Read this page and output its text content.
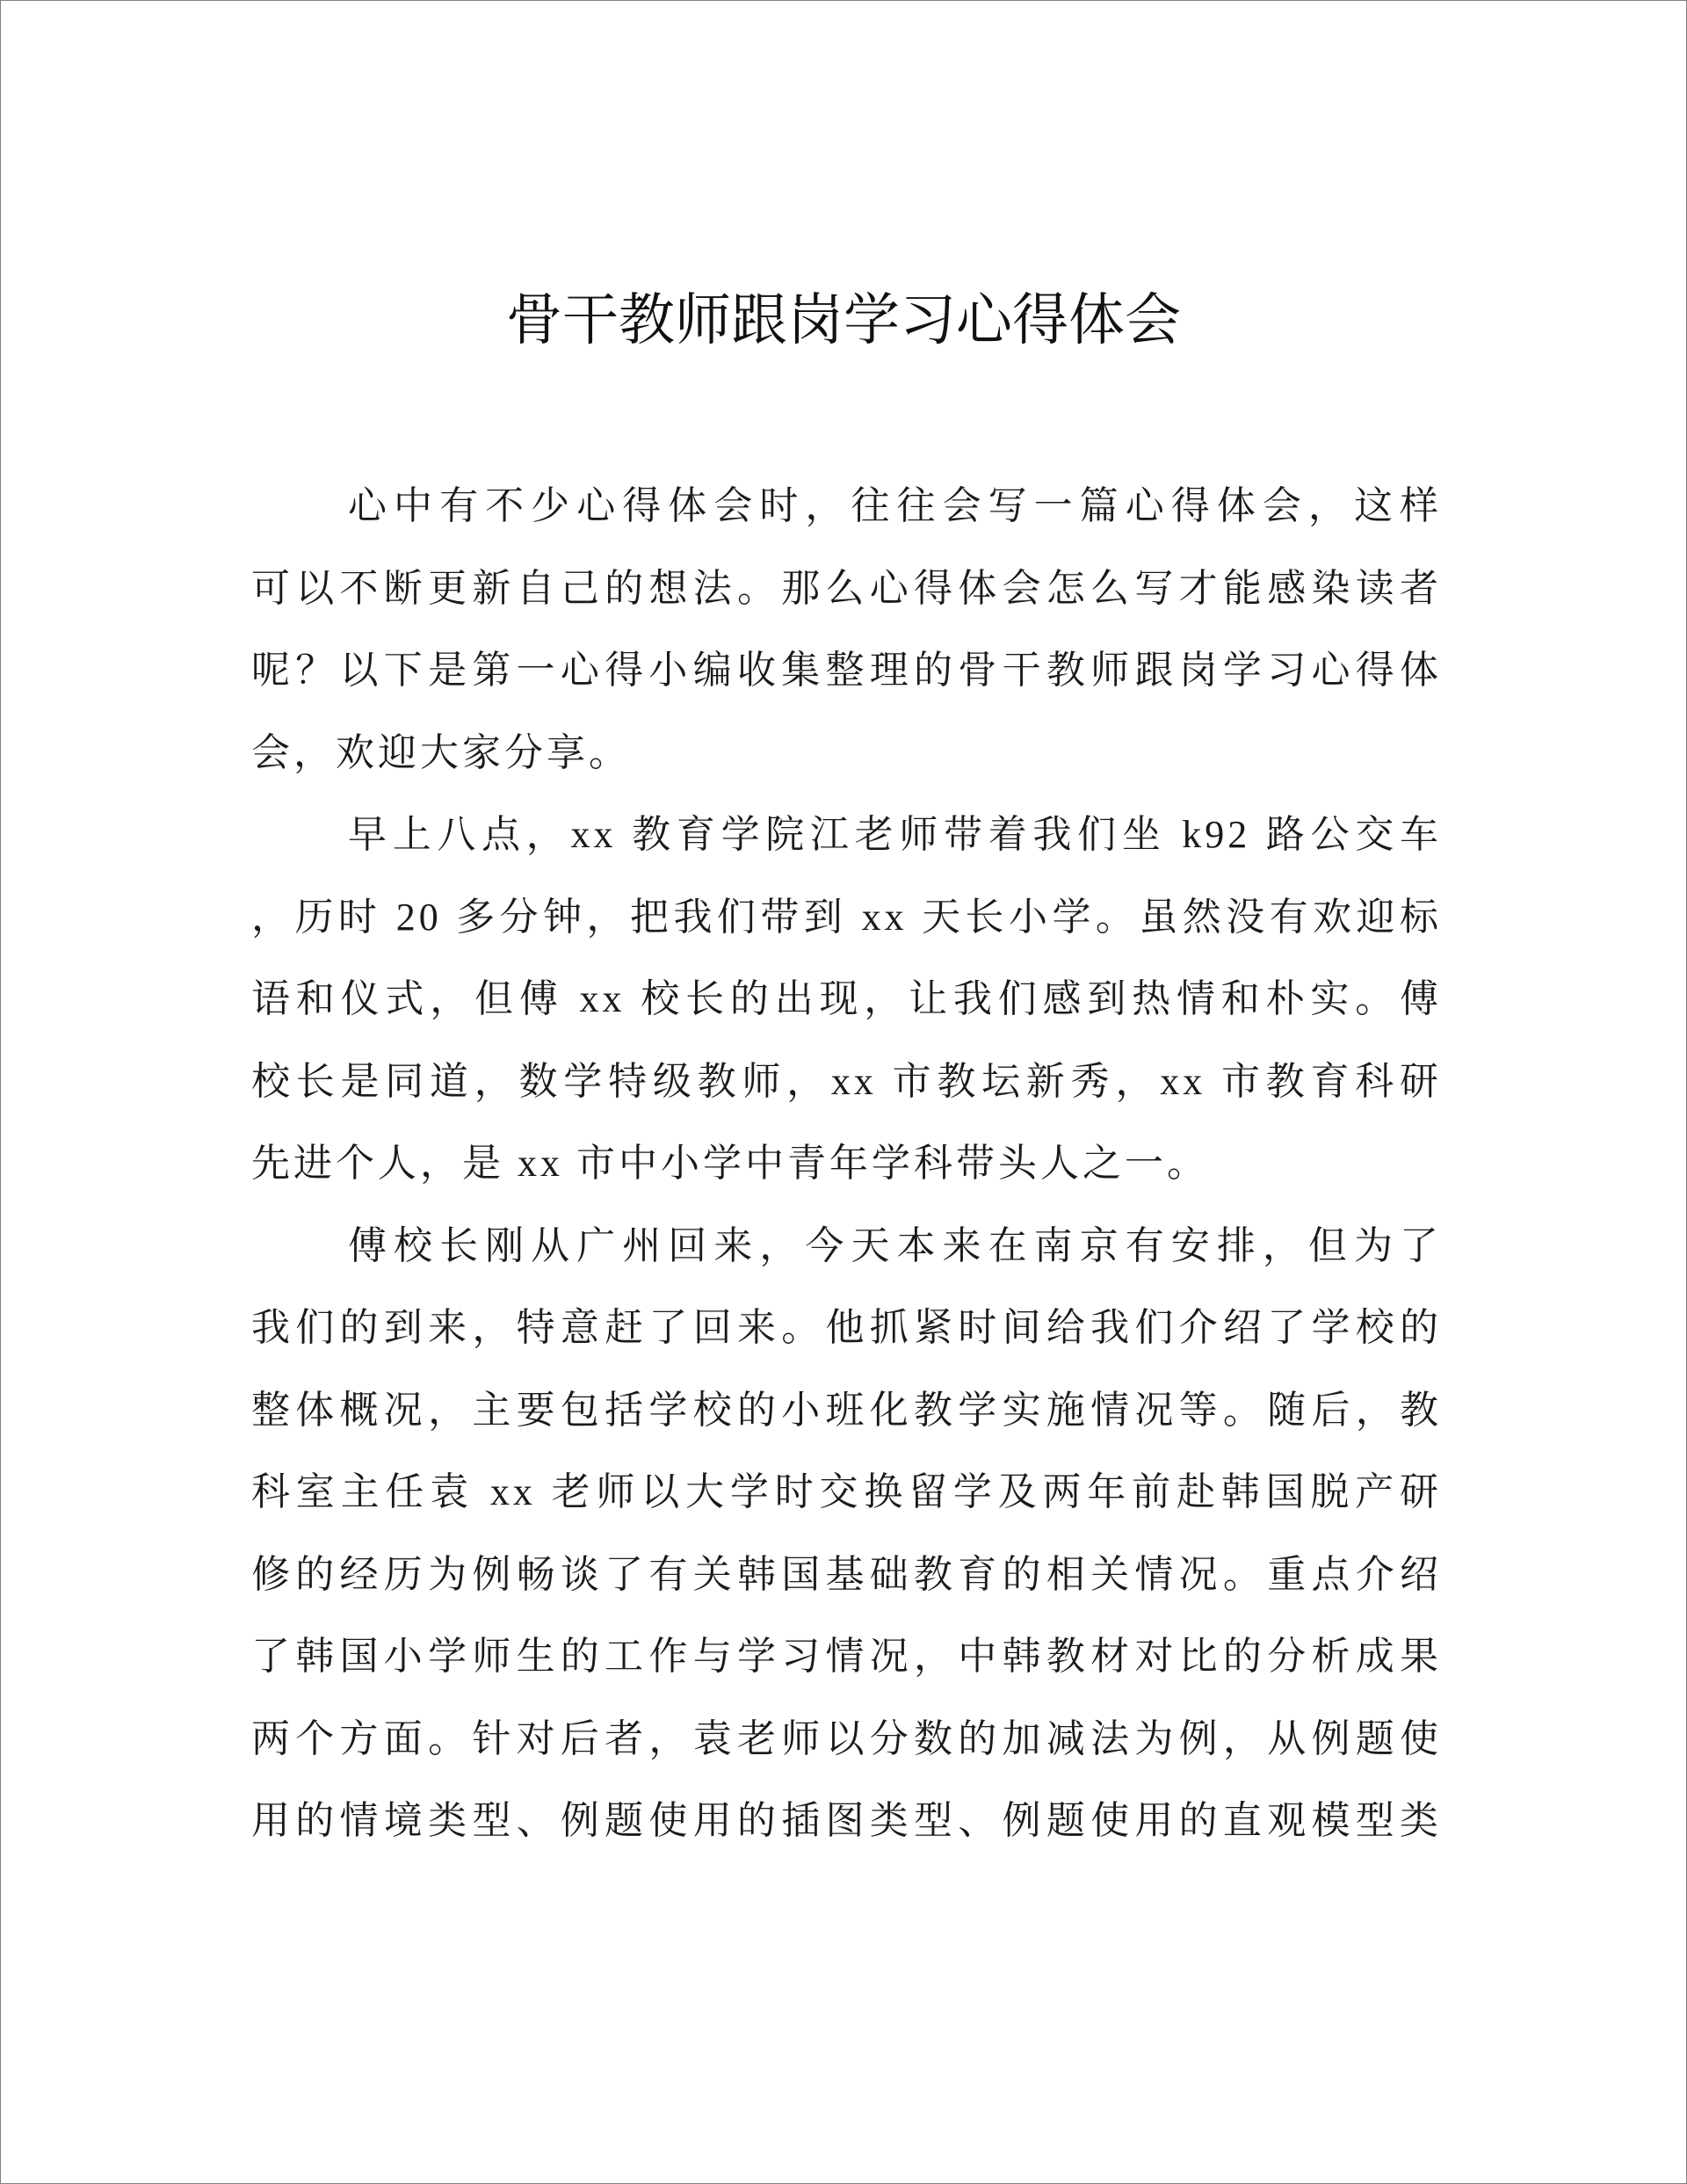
骨干教师跟岗学习心得体会

心中有不少心得体会时，往往会写一篇心得体会，这样
可以不断更新自己的想法。那么心得体会怎么写才能感染读者
呢？以下是第一心得小编收集整理的骨干教师跟岗学习心得体
会，欢迎大家分享。

早上八点，xx 教育学院江老师带着我们坐 k92 路公交车
，历时 20 多分钟，把我们带到 xx 天长小学。虽然没有欢迎标
语和仪式，但傅 xx 校长的出现，让我们感到热情和朴实。傅
校长是同道，数学特级教师，xx 市教坛新秀，xx 市教育科研
先进个人，是 xx 市中小学中青年学科带头人之一。

傅校长刚从广州回来，今天本来在南京有安排，但为了
我们的到来，特意赶了回来。他抓紧时间给我们介绍了学校的
整体概况，主要包括学校的小班化教学实施情况等。随后，教
科室主任袁 xx 老师以大学时交换留学及两年前赴韩国脱产研
修的经历为例畅谈了有关韩国基础教育的相关情况。重点介绍
了韩国小学师生的工作与学习情况，中韩教材对比的分析成果
两个方面。针对后者，袁老师以分数的加减法为例，从例题使
用的情境类型、例题使用的插图类型、例题使用的直观模型类
